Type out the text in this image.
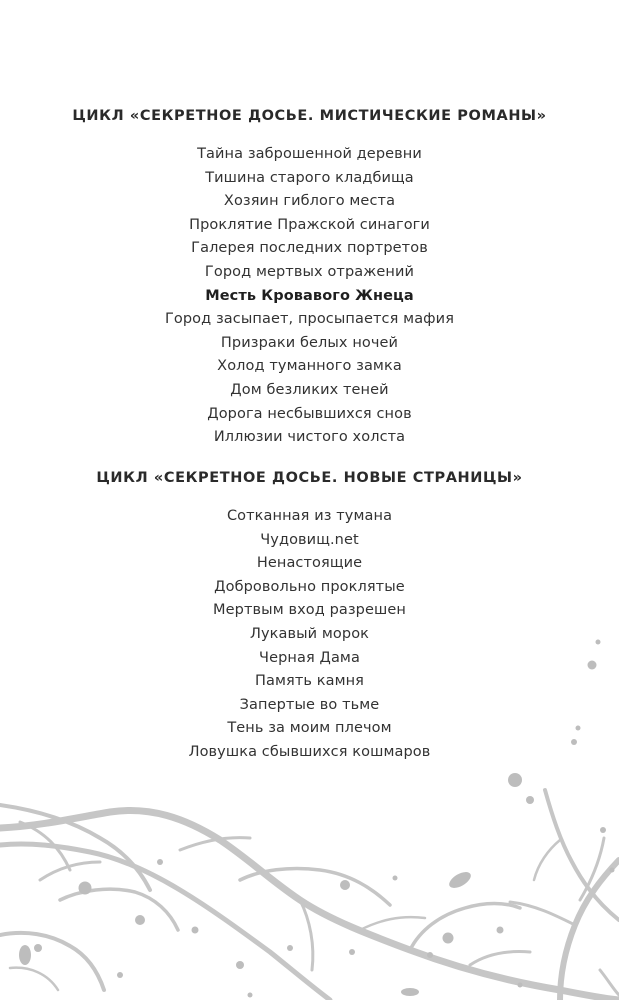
ЦИКЛ «СЕКРЕТНОЕ ДОСЬЕ. МИСТИЧЕСКИЕ РОМАНЫ»
Тайна заброшенной деревни
Тишина старого кладбища
Хозяин гиблого места
Проклятие Пражской синагоги
Галерея последних портретов
Город мертвых отражений
Месть Кровавого Жнеца
Город засыпает, просыпается мафия
Призраки белых ночей
Холод туманного замка
Дом безликих теней
Дорога несбывшихся снов
Иллюзии чистого холста
ЦИКЛ «СЕКРЕТНОЕ ДОСЬЕ. НОВЫЕ СТРАНИЦЫ»
Сотканная из тумана
Чудовищ.net
Ненастоящие
Добровольно проклятые
Мертвым вход разрешен
Лукавый морок
Черная Дама
Память камня
Запертые во тьме
Тень за моим плечом
Ловушка сбывшихся кошмаров
